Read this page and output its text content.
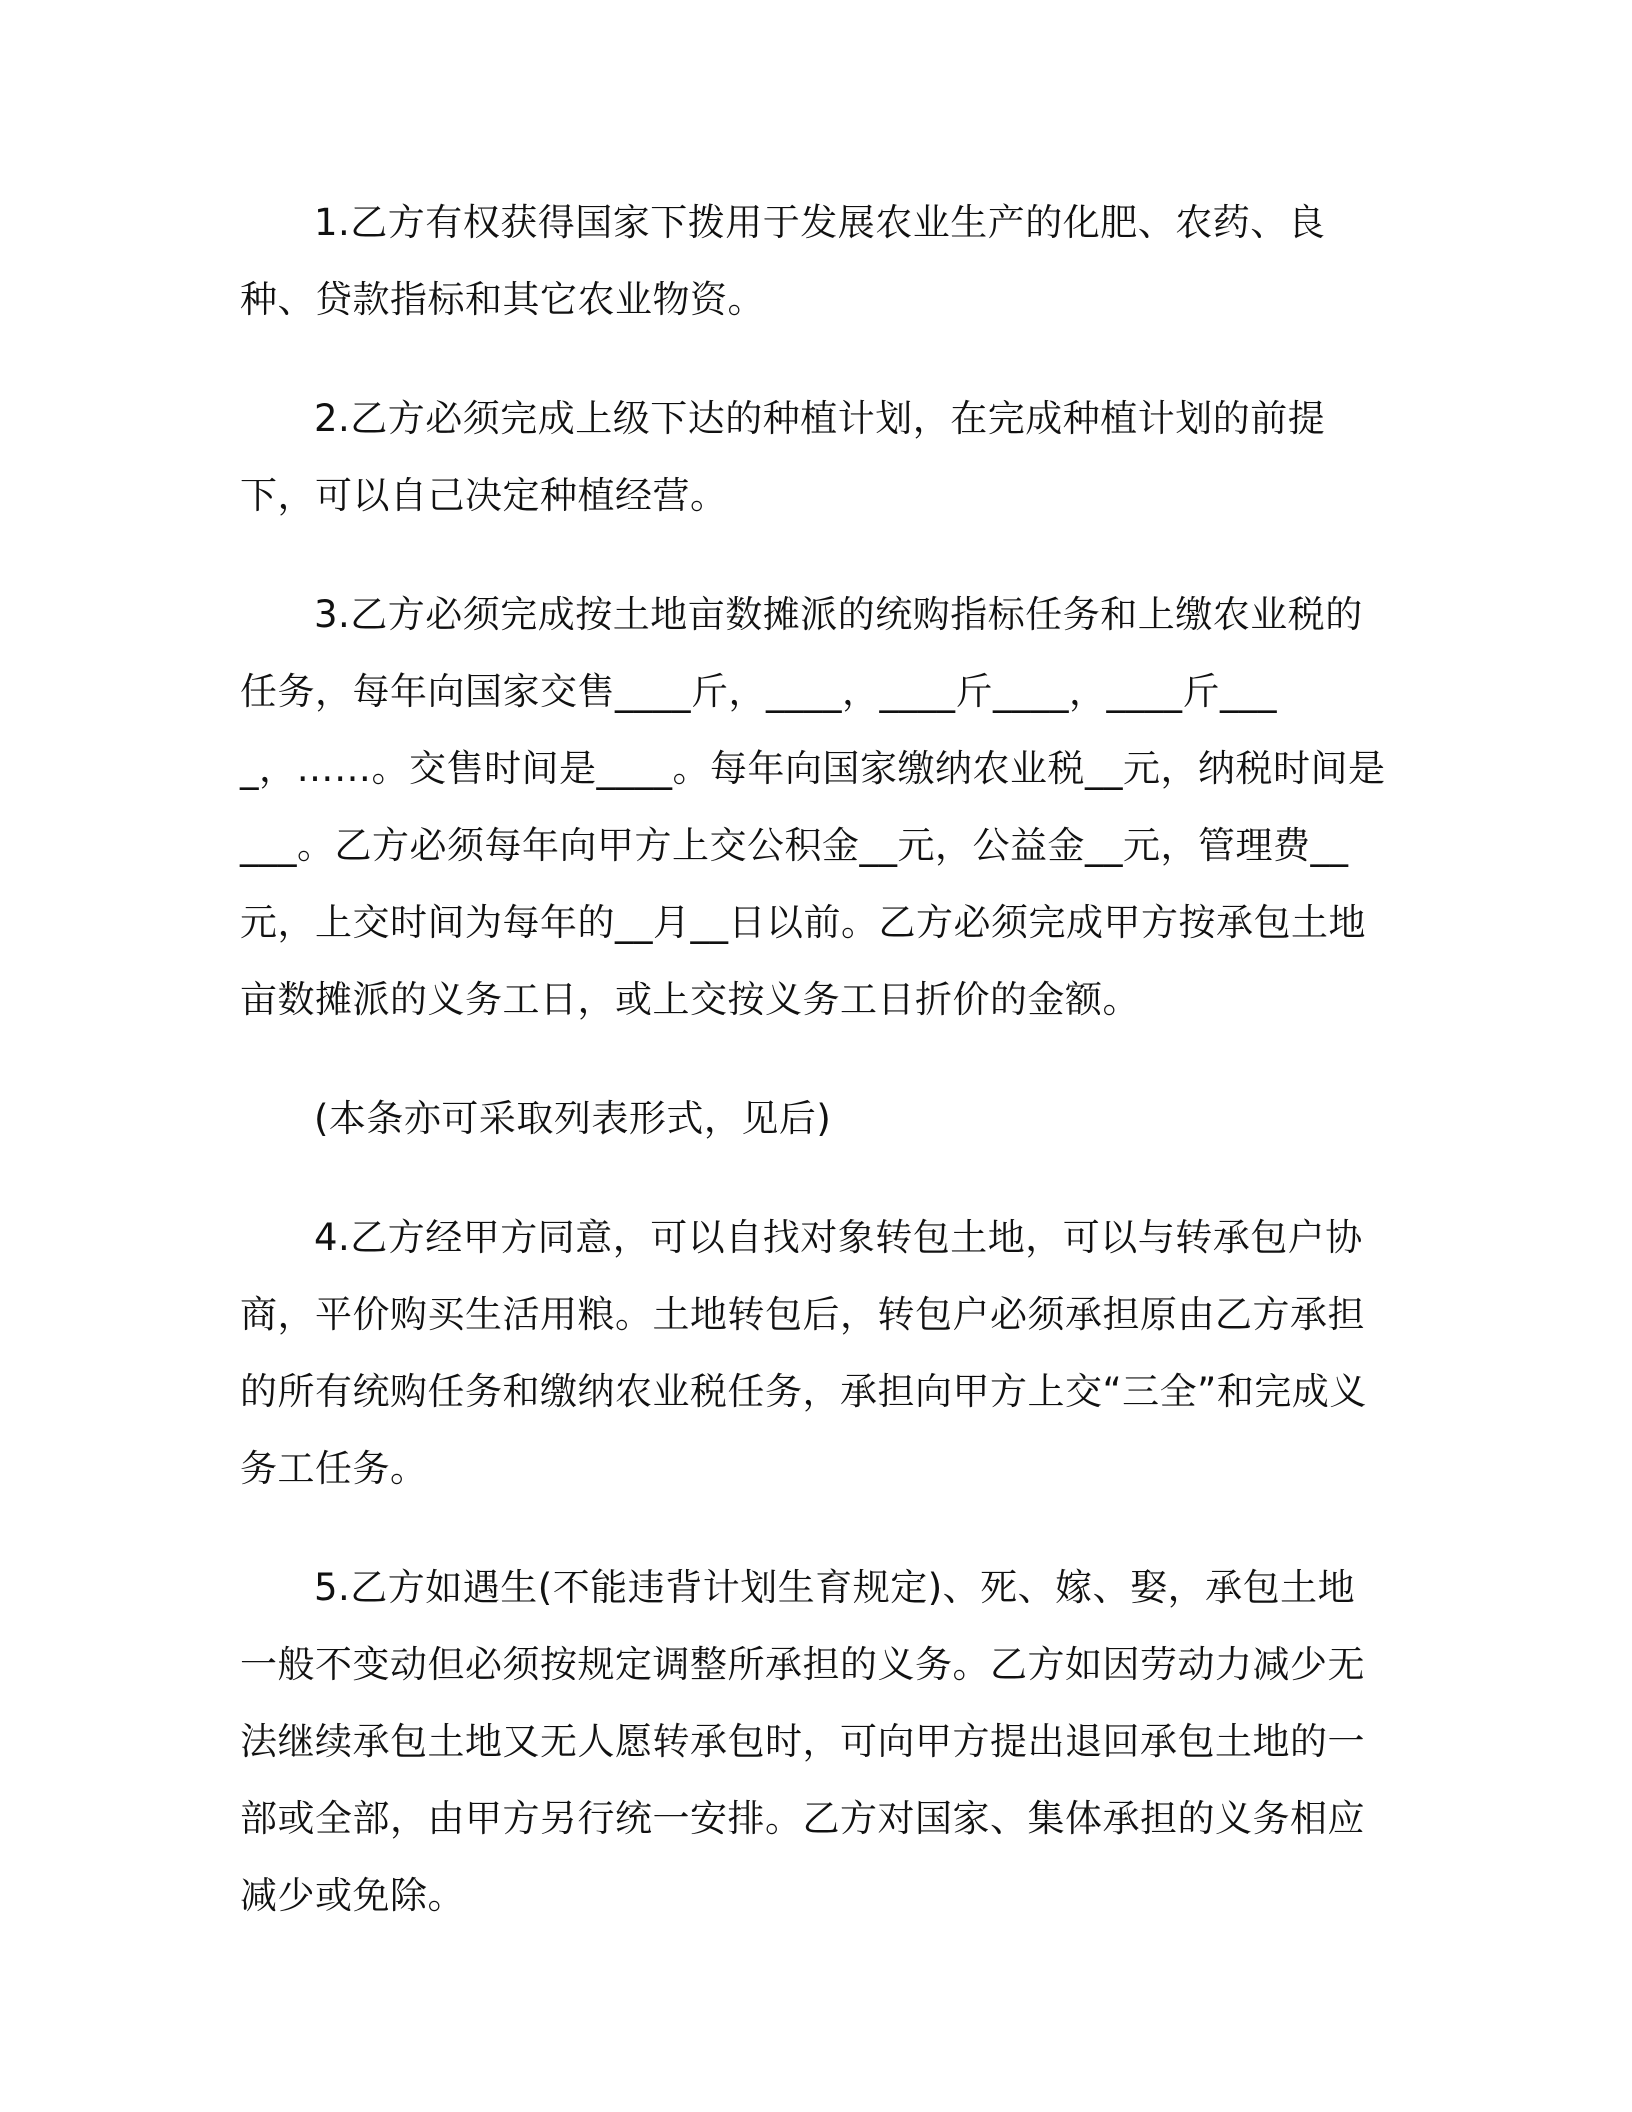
1.乙方有权获得国家下拨用于发展农业生产的化肥、农药、良种、贷款指标和其它农业物资。

2.乙方必须完成上级下达的种植计划，在完成种植计划的前提下，可以自己决定种植经营。

3.乙方必须完成按土地亩数摊派的统购指标任务和上缴农业税的任务，每年向国家交售____斤，____，____斤____，____斤____，……。交售时间是____。每年向国家缴纳农业税__元，纳税时间是___。乙方必须每年向甲方上交公积金__元，公益金__元，管理费__元，上交时间为每年的__月__日以前。乙方必须完成甲方按承包土地亩数摊派的义务工日，或上交按义务工日折价的金额。

(本条亦可采取列表形式，见后)

4.乙方经甲方同意，可以自找对象转包土地，可以与转承包户协商，平价购买生活用粮。土地转包后，转包户必须承担原由乙方承担的所有统购任务和缴纳农业税任务，承担向甲方上交“三全”和完成义务工任务。

5.乙方如遇生(不能违背计划生育规定)、死、嫁、娶，承包土地一般不变动但必须按规定调整所承担的义务。乙方如因劳动力减少无法继续承包土地又无人愿转承包时，可向甲方提出退回承包土地的一部或全部，由甲方另行统一安排。乙方对国家、集体承担的义务相应减少或免除。
